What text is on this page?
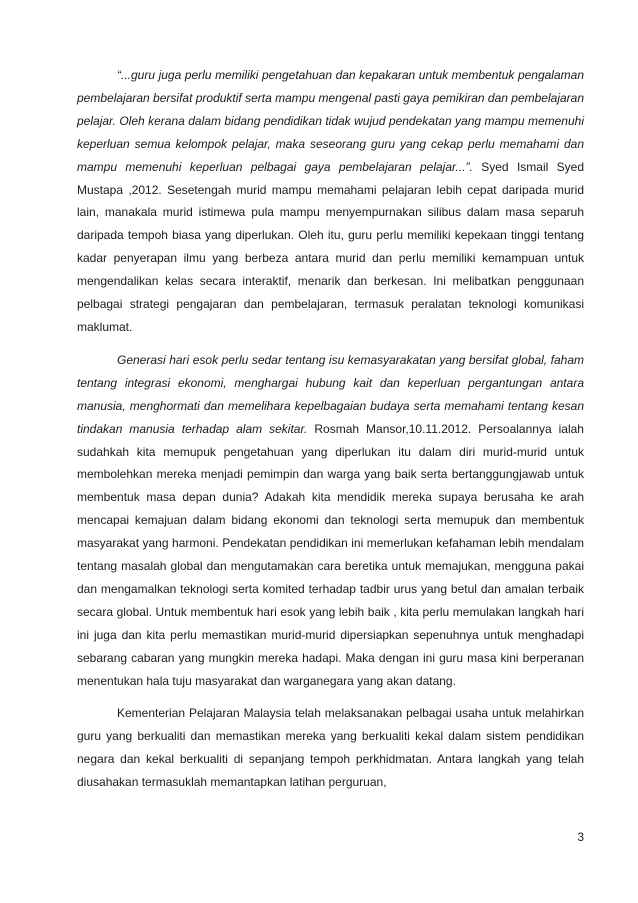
“...guru juga perlu memiliki pengetahuan dan kepakaran untuk membentuk pengalaman pembelajaran bersifat produktif serta mampu mengenal pasti gaya pemikiran dan pembelajaran pelajar. Oleh kerana dalam bidang pendidikan tidak wujud pendekatan yang mampu memenuhi keperluan semua kelompok pelajar, maka seseorang guru yang cekap perlu memahami dan mampu memenuhi keperluan pelbagai gaya pembelajaran pelajar...”. Syed Ismail Syed Mustapa ,2012. Sesetengah murid mampu memahami pelajaran lebih cepat daripada murid lain, manakala murid istimewa pula mampu menyempurnakan silibus dalam masa separuh daripada tempoh biasa yang diperlukan. Oleh itu, guru perlu memiliki kepekaan tinggi tentang kadar penyerapan ilmu yang berbeza antara murid dan perlu memiliki kemampuan untuk mengendalikan kelas secara interaktif, menarik dan berkesan. Ini melibatkan penggunaan pelbagai strategi pengajaran dan pembelajaran, termasuk peralatan teknologi komunikasi maklumat.

Generasi hari esok perlu sedar tentang isu kemasyarakatan yang bersifat global, faham tentang integrasi ekonomi, menghargai hubung kait dan keperluan pergantungan antara manusia, menghormati dan memelihara kepelbagaian budaya serta memahami tentang kesan tindakan manusia terhadap alam sekitar. Rosmah Mansor,10.11.2012. Persoalannya ialah sudahkah kita memupuk pengetahuan yang diperlukan itu dalam diri murid-murid untuk membolehkan mereka menjadi pemimpin dan warga yang baik serta bertanggungjawab untuk membentuk masa depan dunia? Adakah kita mendidik mereka supaya berusaha ke arah mencapai kemajuan dalam bidang ekonomi dan teknologi serta memupuk dan membentuk masyarakat yang harmoni. Pendekatan pendidikan ini memerlukan kefahaman lebih mendalam tentang masalah global dan mengutamakan cara beretika untuk memajukan, mengguna pakai dan mengamalkan teknologi serta komited terhadap tadbir urus yang betul dan amalan terbaik secara global. Untuk membentuk hari esok yang lebih baik , kita perlu memulakan langkah hari ini juga dan kita perlu memastikan murid-murid dipersiapkan sepenuhnya untuk menghadapi sebarang cabaran yang mungkin mereka hadapi. Maka dengan ini guru masa kini berperanan menentukan hala tuju masyarakat dan warganegara yang akan datang.

Kementerian Pelajaran Malaysia telah melaksanakan pelbagai usaha untuk melahirkan guru yang berkualiti dan memastikan mereka yang berkualiti kekal dalam sistem pendidikan negara dan kekal berkualiti di sepanjang tempoh perkhidmatan. Antara langkah yang telah diusahakan termasuklah memantapkan latihan perguruan,

3
